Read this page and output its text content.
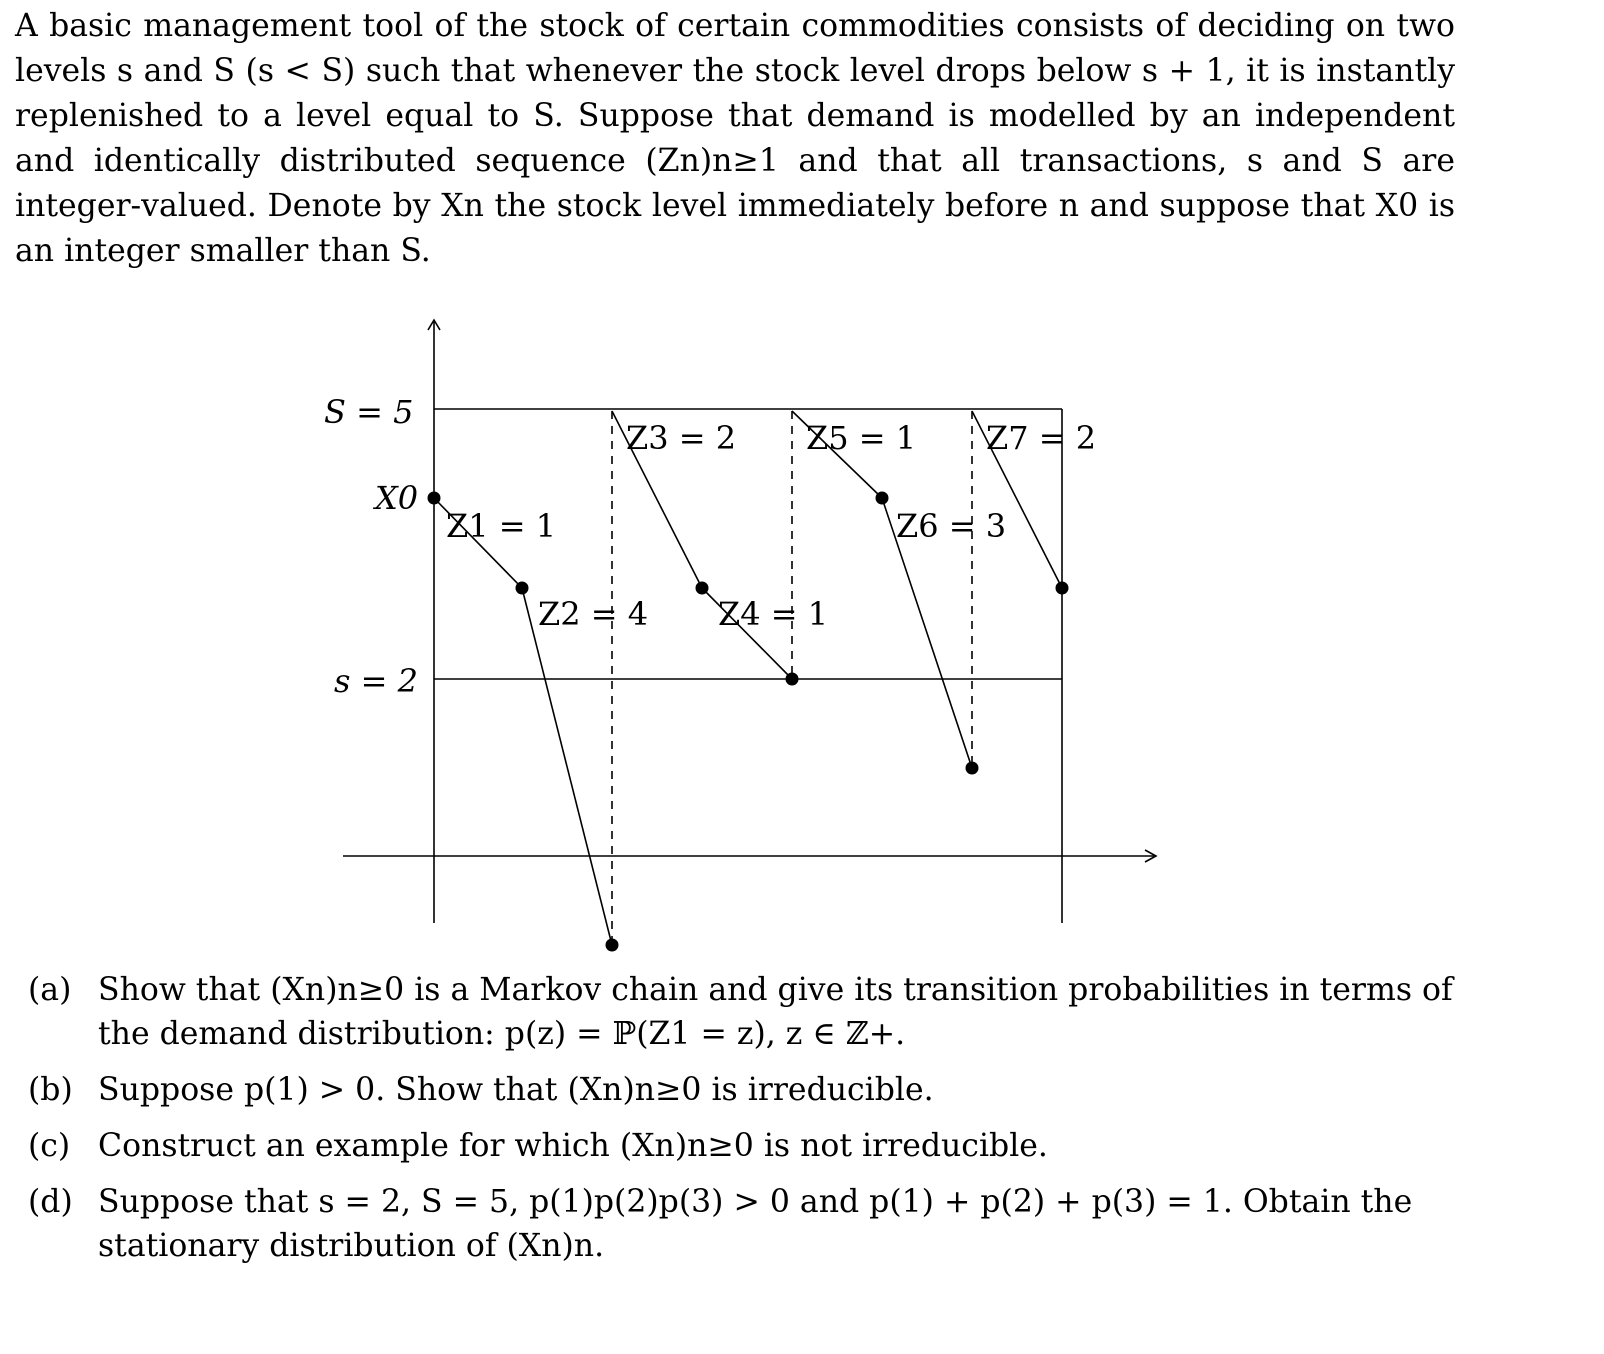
A basic management tool of the stock of certain commodities consists of deciding on two levels s and S (s < S) such that whenever the stock level drops below s + 1, it is instantly replenished to a level equal to S. Suppose that demand is modelled by an independent and identically distributed sequence (Zn)n≥1 and that all transactions, s and S are integer-valued. Denote by Xn the stock level immediately before n and suppose that X0 is an integer smaller than S.
S = 5
s = 2
X0
Z1 = 1
Z2 = 4
Z3 = 2
Z4 = 1
Z5 = 1
Z6 = 3
Z7 = 2
(a) Show that (Xn)n≥0 is a Markov chain and give its transition probabilities in terms of the demand distribution: p(z) = ℙ(Z1 = z), z ∈ ℤ+.
(b) Suppose p(1) > 0. Show that (Xn)n≥0 is irreducible.
(c) Construct an example for which (Xn)n≥0 is not irreducible.
(d) Suppose that s = 2, S = 5, p(1)p(2)p(3) > 0 and p(1) + p(2) + p(3) = 1. Obtain the stationary distribution of (Xn)n.
